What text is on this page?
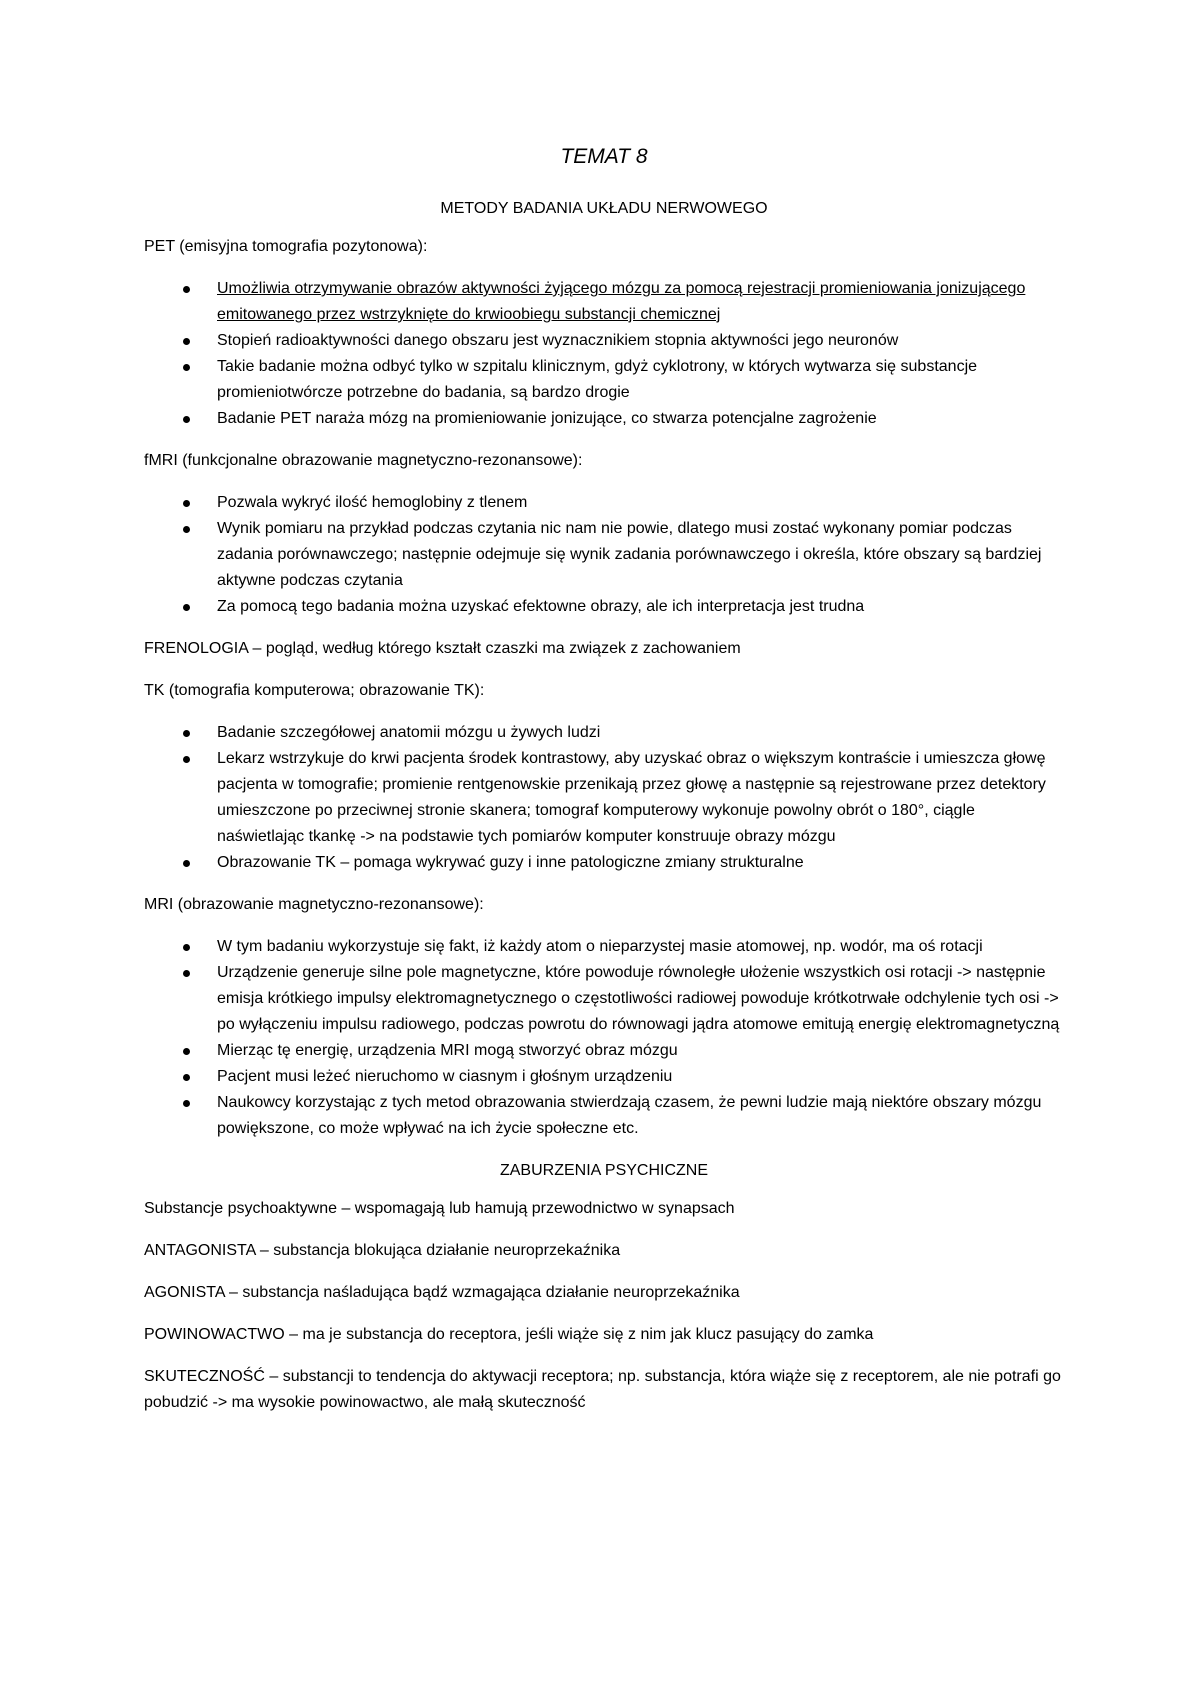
TEMAT 8
METODY BADANIA UKŁADU NERWOWEGO
PET (emisyjna tomografia pozytonowa):
Umożliwia otrzymywanie obrazów aktywności żyjącego mózgu za pomocą rejestracji promieniowania jonizującego emitowanego przez wstrzyknięte do krwioobiegu substancji chemicznej
Stopień radioaktywności danego obszaru jest wyznacznikiem stopnia aktywności jego neuronów
Takie badanie można odbyć tylko w szpitalu klinicznym, gdyż cyklotrony, w których wytwarza się substancje promieniotwórcze potrzebne do badania, są bardzo drogie
Badanie PET naraża mózg na promieniowanie jonizujące, co stwarza potencjalne zagrożenie
fMRI (funkcjonalne obrazowanie magnetyczno-rezonansowe):
Pozwala wykryć ilość hemoglobiny z tlenem
Wynik pomiaru na przykład podczas czytania nic nam nie powie, dlatego musi zostać wykonany pomiar podczas zadania porównawczego; następnie odejmuje się wynik zadania porównawczego i określa, które obszary są bardziej aktywne podczas czytania
Za pomocą tego badania można uzyskać efektowne obrazy, ale ich interpretacja jest trudna
FRENOLOGIA – pogląd, według którego kształt czaszki ma związek z zachowaniem
TK (tomografia komputerowa; obrazowanie TK):
Badanie szczegółowej anatomii mózgu u żywych ludzi
Lekarz wstrzykuje do krwi pacjenta środek kontrastowy, aby uzyskać obraz o większym kontraście i umieszcza głowę pacjenta w tomografie; promienie rentgenowskie przenikają przez głowę a następnie są rejestrowane przez detektory umieszczone po przeciwnej stronie skanera; tomograf komputerowy wykonuje powolny obrót o 180°, ciągle naświetlając tkankę -> na podstawie tych pomiarów komputer konstruuje obrazy mózgu
Obrazowanie TK – pomaga wykrywać guzy i inne patologiczne zmiany strukturalne
MRI (obrazowanie magnetyczno-rezonansowe):
W tym badaniu wykorzystuje się fakt, iż każdy atom o nieparzystej masie atomowej, np. wodór, ma oś rotacji
Urządzenie generuje silne pole magnetyczne, które powoduje równoległe ułożenie wszystkich osi rotacji -> następnie emisja krótkiego impulsy elektromagnetycznego o częstotliwości radiowej powoduje krótkotrwałe odchylenie tych osi -> po wyłączeniu impulsu radiowego, podczas powrotu do równowagi jądra atomowe emitują energię elektromagnetyczną
Mierząc tę energię, urządzenia MRI mogą stworzyć obraz mózgu
Pacjent musi leżeć nieruchomo w ciasnym i głośnym urządzeniu
Naukowcy korzystając z tych metod obrazowania stwierdzają czasem, że pewni ludzie mają niektóre obszary mózgu powiększone, co może wpływać na ich życie społeczne etc.
ZABURZENIA PSYCHICZNE
Substancje psychoaktywne – wspomagają lub hamują przewodnictwo w synapsach
ANTAGONISTA – substancja blokująca działanie neuroprzekaźnika
AGONISTA – substancja naśladująca bądź wzmagająca działanie neuroprzekaźnika
POWINOWACTWO – ma je substancja do receptora, jeśli wiąże się z nim jak klucz pasujący do zamka
SKUTECZNOŚĆ – substancji to tendencja do aktywacji receptora; np. substancja, która wiąże się z receptorem, ale nie potrafi go pobudzić -> ma wysokie powinowactwo, ale małą skuteczność
